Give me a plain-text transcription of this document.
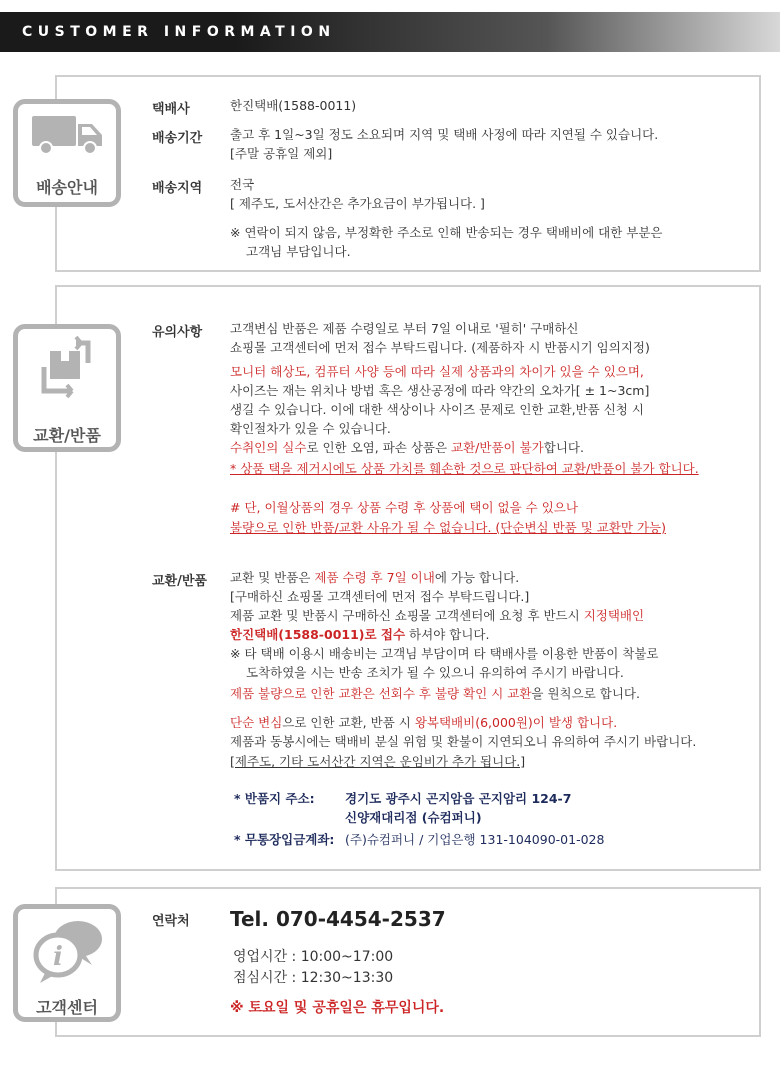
CUSTOMER INFORMATION
배송안내
택배사	한진택배(1588-0011)
배송기간 출고 후 1일~3일 정도 소요되며 지역 및 택배 사정에 따라 지연될 수 있습니다.
[주말 공휴일 제외]
배송지역 전국
[ 제주도, 도서산간은 추가요금이 부가됩니다. ]
※ 연락이 되지 않음, 부정확한 주소로 인해 반송되는 경우 택배비에 대한 부분은
고객님 부담입니다.
교환/반품
유의사항 고객변심 반품은 제품 수령일로 부터 7일 이내로 '필히' 구매하신
쇼핑몰 고객센터에 먼저 접수 부탁드립니다. (제품하자 시 반품시기 임의지정)
모니터 해상도, 컴퓨터 사양 등에 따라 실제 상품과의 차이가 있을 수 있으며,
사이즈는 재는 위치나 방법 혹은 생산공정에 따라 약간의 오차가[ ± 1~3cm]
생길 수 있습니다. 이에 대한 색상이나 사이즈 문제로 인한 교환,반품 신청 시
확인절차가 있을 수 있습니다.
수취인의 실수로 인한 오염, 파손 상품은 교환/반품이 불가합니다.
* 상품 택을 제거시에도 상품 가치를 훼손한 것으로 판단하여 교환/반품이 불가 합니다.
# 단, 이월상품의 경우 상품 수령 후 상품에 택이 없을 수 있으나
불량으로 인한 반품/교환 사유가 될 수 없습니다. (단순변심 반품 및 교환만 가능)
교환/반품 교환 및 반품은 제품 수령 후 7일 이내에 가능 합니다.
[구매하신 쇼핑몰 고객센터에 먼저 접수 부탁드립니다.]
제품 교환 및 반품시 구매하신 쇼핑몰 고객센터에 요청 후 반드시 지정택배인
한진택배(1588-0011)로 접수 하셔야 합니다.
※ 타 택배 이용시 배송비는 고객님 부담이며 타 택배사를 이용한 반품이 착불로
도착하였을 시는 반송 조치가 될 수 있으니 유의하여 주시기 바랍니다.
제품 불량으로 인한 교환은 선회수 후 불량 확인 시 교환을 원칙으로 합니다.
단순 변심으로 인한 교환, 반품 시 왕복택배비(6,000원)이 발생 합니다.
제품과 동봉시에는 택배비 분실 위험 및 환불이 지연되오니 유의하여 주시기 바랍니다.
[제주도, 기타 도서산간 지역은 운임비가 추가 됩니다.]
* 반품지 주소: 경기도 광주시 곤지암읍 곤지암리 124-7
신양재대리점 (슈컴퍼니)
* 무통장입금계좌: (주)슈컴퍼니 / 기업은행 131-104090-01-028
i
고객센터
연락처 Tel. 070-4454-2537
영업시간 : 10:00~17:00
점심시간 : 12:30~13:30
※ 토요일 및 공휴일은 휴무입니다.
